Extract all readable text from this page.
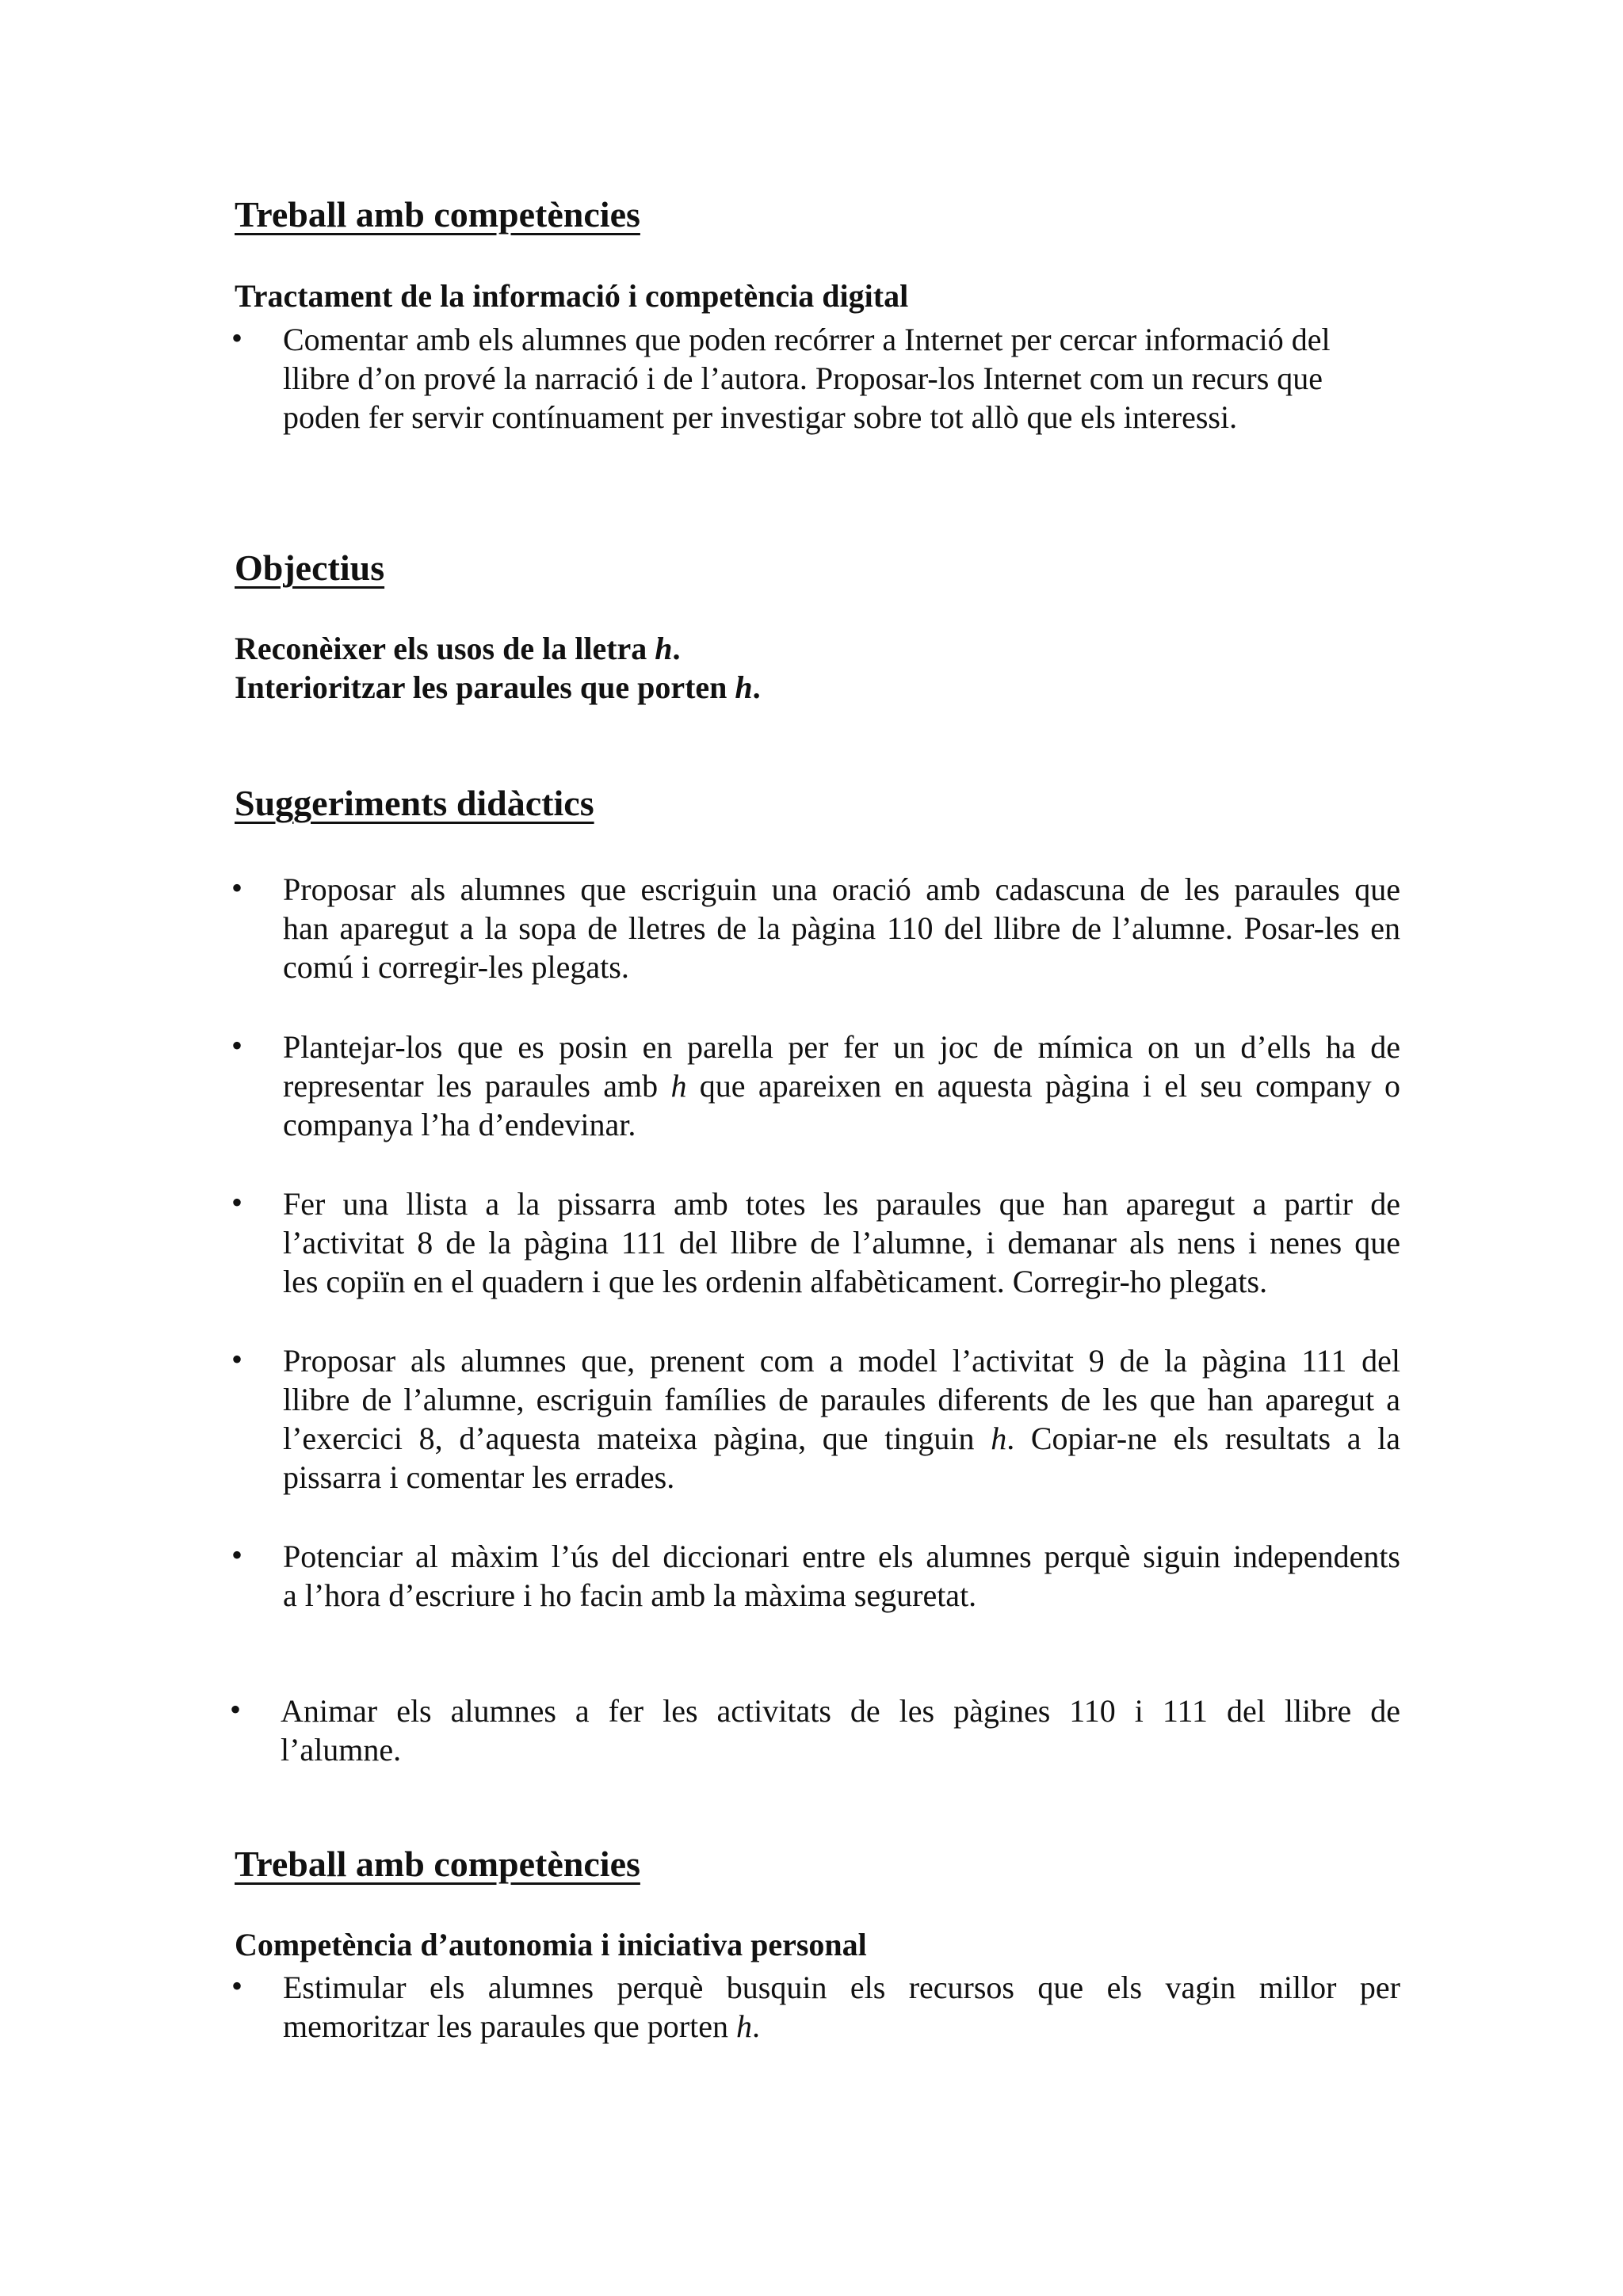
Treball amb competències
Tractament de la informació i competència digital
• Comentar amb els alumnes que poden recórrer a Internet per cercar informació del
llibre d’on prové la narració i de l’autora. Proposar-los Internet com un recurs que
poden fer servir contínuament per investigar sobre tot allò que els interessi.

Objectius

Reconèixer els usos de la lletra h.

Interioritzar les paraules que porten h.

Suggeriments didàctics
• Proposar als alumnes que escriguin una oració amb cadascuna de les paraules que
han aparegut a la sopa de lletres de la pàgina 110 del llibre de l’alumne. Posar-les en
comú i corregir-les plegats.

• Plantejar-los que es posin en parella per fer un joc de mímica on un d’ells ha de
representar les paraules amb h que apareixen en aquesta pàgina i el seu company o
companya l’ha d’endevinar.

• Fer una llista a la pissarra amb totes les paraules que han aparegut a partir de
l’activitat 8 de la pàgina 111 del llibre de l’alumne, i demanar als nens i nenes que
les copiïn en el quadern i que les ordenin alfabèticament. Corregir-ho plegats.

• Proposar als alumnes que, prenent com a model l’activitat 9 de la pàgina 111 del
llibre de l’alumne, escriguin famílies de paraules diferents de les que han aparegut a
l’exercici 8, d’aquesta mateixa pàgina, que tinguin h. Copiar-ne els resultats a la
pissarra i comentar les errades.

• Potenciar al màxim l’ús del diccionari entre els alumnes perquè siguin independents
a l’hora d’escriure i ho facin amb la màxima seguretat.

• Animar els alumnes a fer les activitats de les pàgines 110 i 111 del llibre de
l’alumne.

Treball amb competències
Competència d’autonomia i iniciativa personal
• Estimular els alumnes perquè busquin els recursos que els vagin millor per
memoritzar les paraules que porten h.
